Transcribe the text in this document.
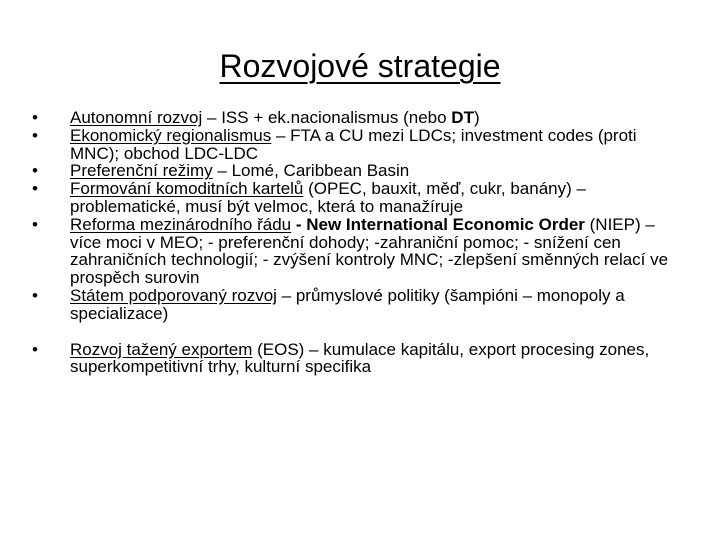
Rozvojové strategie
• Autonomní rozvoj – ISS + ek.nacionalismus (nebo DT)
• Ekonomický regionalismus – FTA a CU mezi LDCs; investment codes (proti MNC); obchod LDC-LDC
• Preferenční režimy – Lomé, Caribbean Basin
• Formování komoditních kartelů (OPEC, bauxit, měď, cukr, banány) – problematické, musí být velmoc, která to manažíruje
• Reforma mezinárodního řádu - New International Economic Order (NIEP) – více moci v MEO; - preferenční dohody; -zahraniční pomoc; - snížení cen zahraničních technologií; - zvýšení kontroly MNC; -zlepšení směnných relací ve prospěch surovin
• Státem podporovaný rozvoj – průmyslové politiky (šampióni – monopoly a specializace)
• Rozvoj tažený exportem (EOS) – kumulace kapitálu, export procesing zones, superkompetitivní trhy, kulturní specifika
